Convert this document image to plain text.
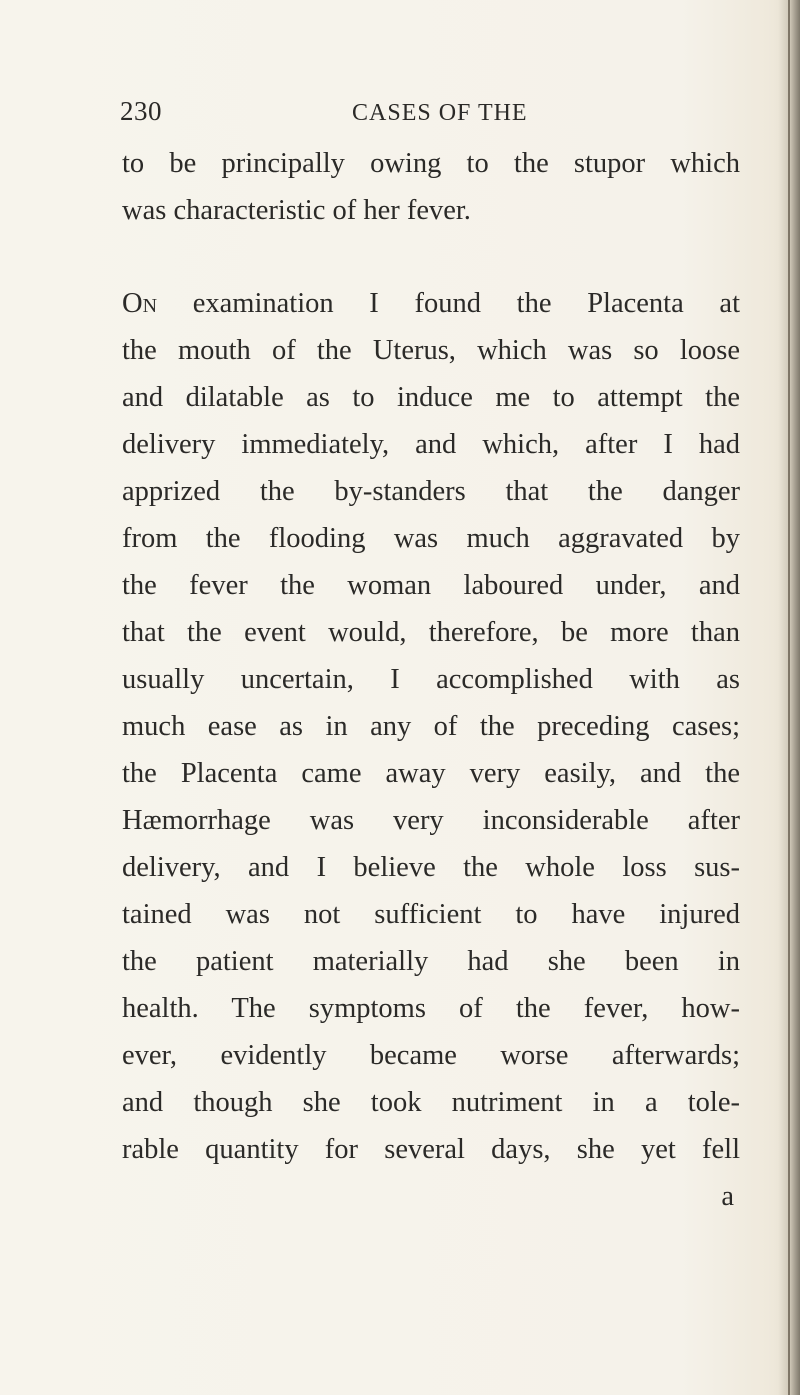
230	CASES OF THE
to be principally owing to the stupor which
was characteristic of her fever.
On examination I found the Placenta at
the mouth of the Uterus, which was so loose
and dilatable as to induce me to attempt the
delivery immediately, and which, after I had
apprized the by-standers that the danger
from the flooding was much aggravated by
the fever the woman laboured under, and
that the event would, therefore, be more than
usually uncertain, I accomplished with as
much ease as in any of the preceding cases;
the Placenta came away very easily, and the
Hæmorrhage was very inconsiderable after
delivery, and I believe the whole loss sus-
tained was not sufficient to have injured
the patient materially had she been in
health. The symptoms of the fever, how-
ever, evidently became worse afterwards;
and though she took nutriment in a tole-
rable quantity for several days, she yet fell
a
